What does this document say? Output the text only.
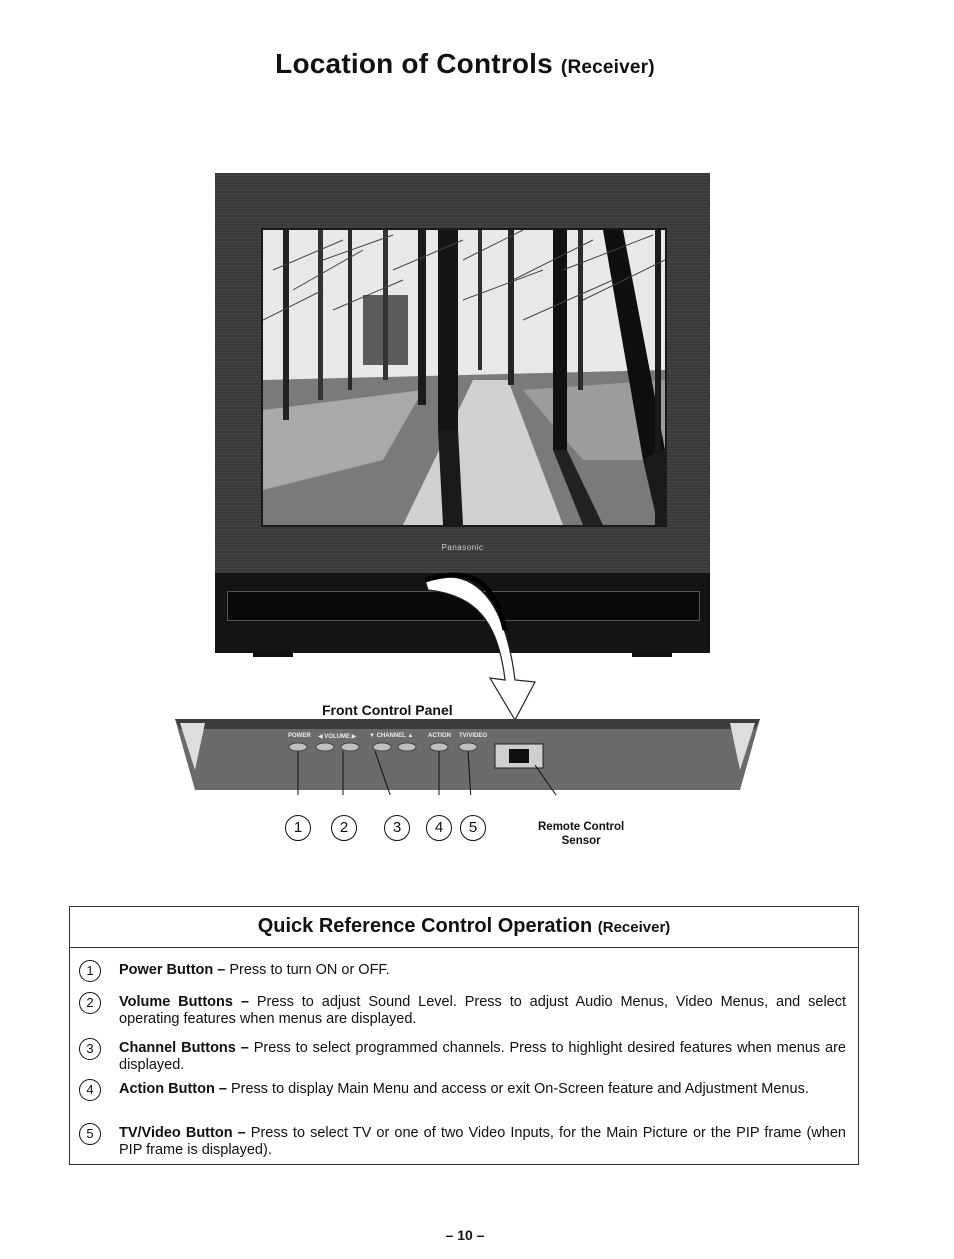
Location of Controls (Receiver)
Panasonic
Front Control Panel
POWER ◀ VOLUME ▶ ▼ CHANNEL ▲ ACTION TV/VIDEO
1	2	3	4	5	Remote Control
Sensor
Quick Reference Control Operation (Receiver)
1	Power Button – Press to turn ON or OFF.
2	Volume Buttons – Press to adjust Sound Level. Press to adjust Audio Menus, Video Menus, and select operating features when menus are displayed.
3	Channel Buttons – Press to select programmed channels. Press to highlight desired features when menus are displayed.
4	Action Button – Press to display Main Menu and access or exit On-Screen feature and Adjustment Menus.
5	TV/Video Button – Press to select TV or one of two Video Inputs, for the Main Picture or the PIP frame (when PIP frame is displayed).
– 10 –
